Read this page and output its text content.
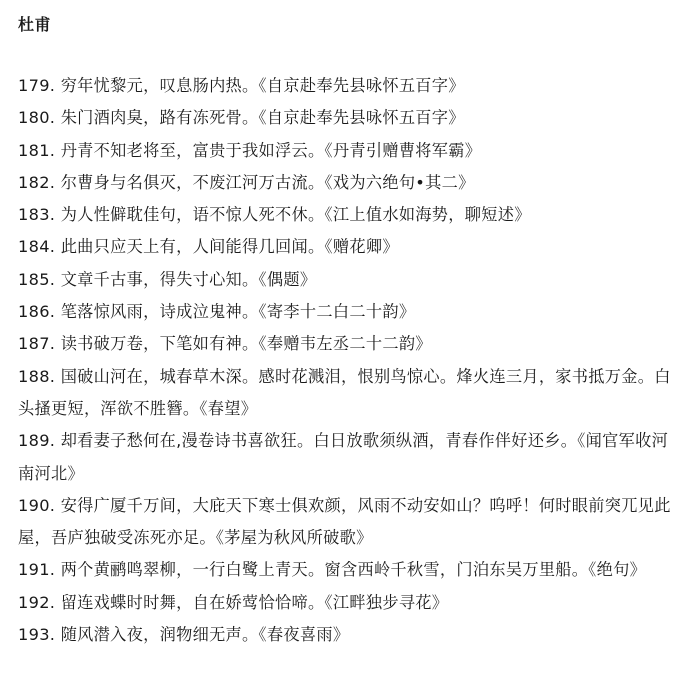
杜甫
179. 穷年忧黎元，叹息肠内热。《自京赴奉先县咏怀五百字》
180. 朱门酒肉臭，路有冻死骨。《自京赴奉先县咏怀五百字》
181. 丹青不知老将至，富贵于我如浮云。《丹青引赠曹将军霸》
182. 尔曹身与名俱灭，不废江河万古流。《戏为六绝句•其二》
183. 为人性僻耽佳句，语不惊人死不休。《江上值水如海势，聊短述》
184. 此曲只应天上有，人间能得几回闻。《赠花卿》
185. 文章千古事，得失寸心知。《偶题》
186. 笔落惊风雨，诗成泣鬼神。《寄李十二白二十韵》
187. 读书破万卷，下笔如有神。《奉赠韦左丞二十二韵》
188. 国破山河在，城春草木深。感时花溅泪，恨别鸟惊心。烽火连三月，家书抵万金。白头搔更短，浑欲不胜簪。《春望》
189. 却看妻子愁何在,漫卷诗书喜欲狂。白日放歌须纵酒，青春作伴好还乡。《闻官军收河南河北》
190. 安得广厦千万间，大庇天下寒士俱欢颜，风雨不动安如山？呜呼！何时眼前突兀见此屋，吾庐独破受冻死亦足。《茅屋为秋风所破歌》
191. 两个黄鹂鸣翠柳，一行白鹭上青天。窗含西岭千秋雪，门泊东吴万里船。《绝句》
192. 留连戏蝶时时舞，自在娇莺恰恰啼。《江畔独步寻花》
193. 随风潜入夜，润物细无声。《春夜喜雨》
